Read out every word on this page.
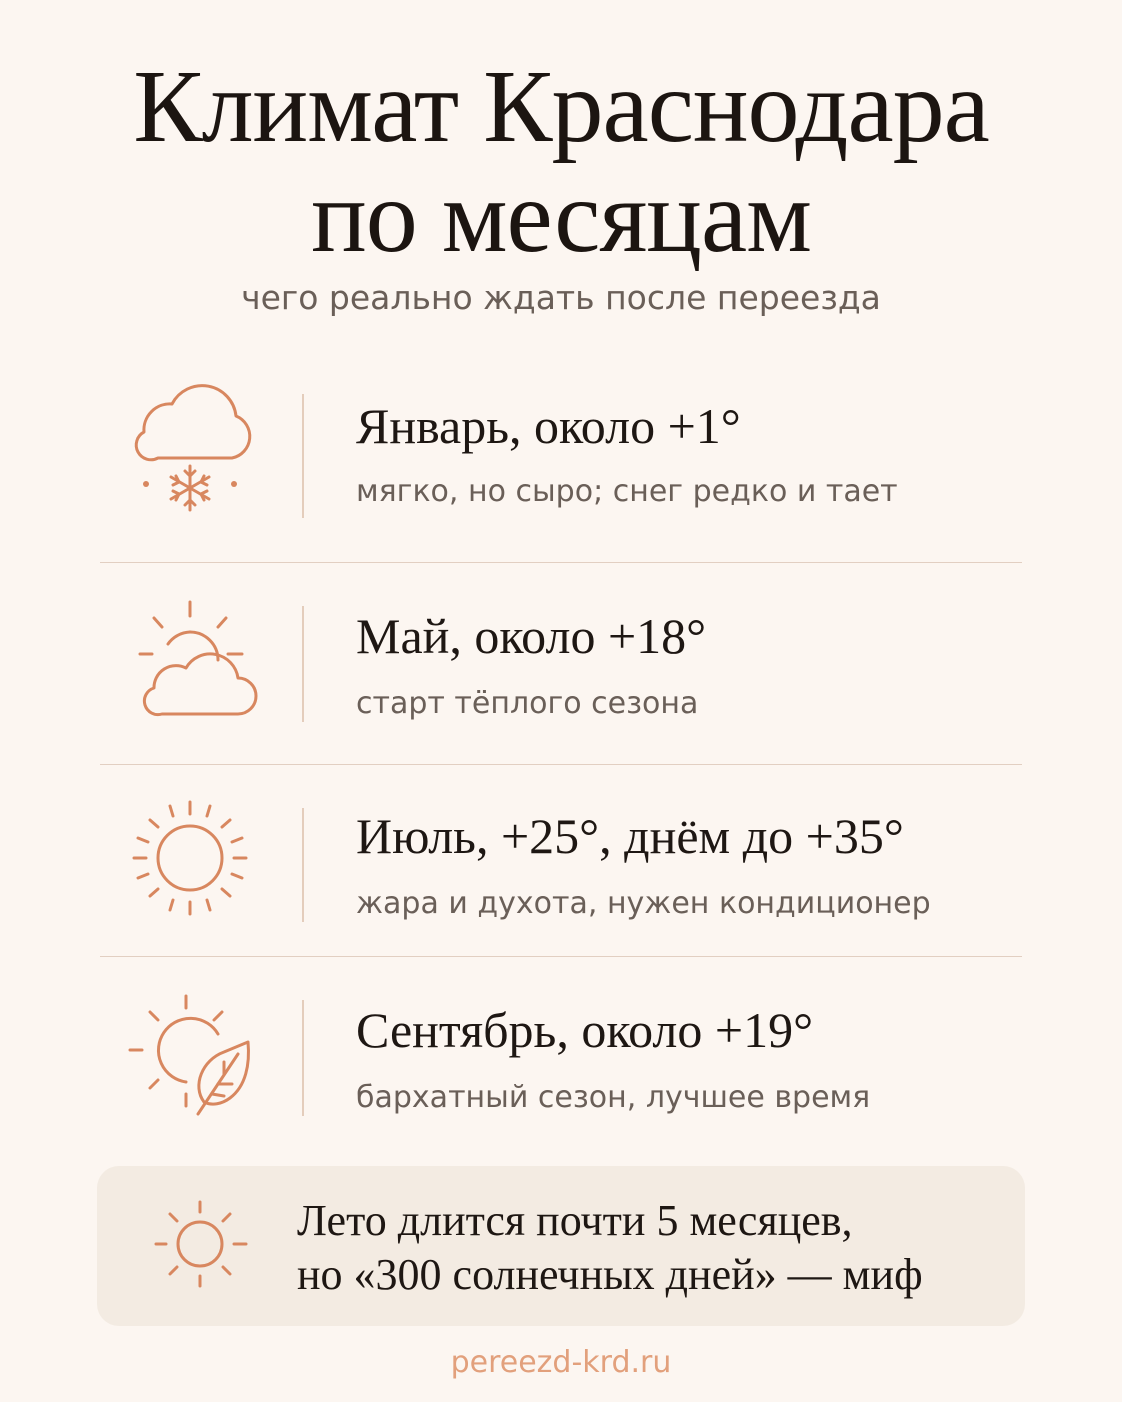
Климат Краснодара
по месяцам
чего реально ждать после переезда
Январь, около +1°
мягко, но сыро; снег редко и тает
Май, около +18°
старт тёплого сезона
Июль, +25°, днём до +35°
жара и духота, нужен кондиционер
Сентябрь, около +19°
бархатный сезон, лучшее время
Лето длится почти 5 месяцев,
но «300 солнечных дней» — миф
pereezd-krd.ru
